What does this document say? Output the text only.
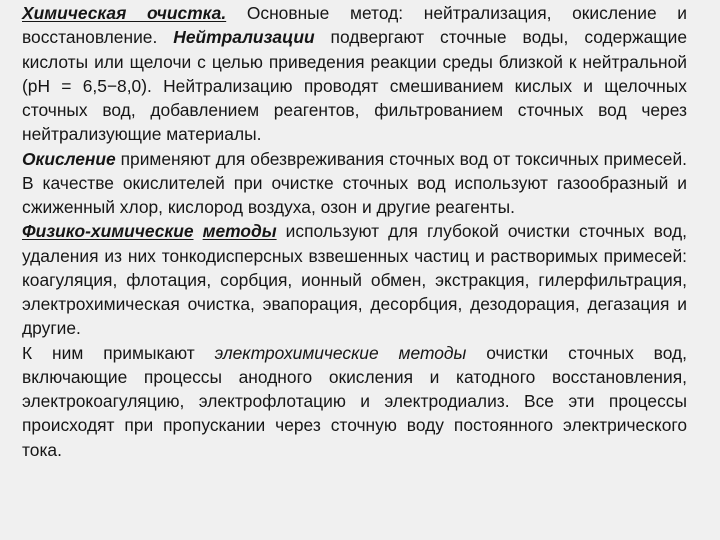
Химическая очистка. Основные метод: нейтрализация, окисление и восстановление. Нейтрализации подвергают сточные воды, содержащие кислоты или щелочи с целью приведения реакции среды близкой к нейтральной (pH = 6,5−8,0). Нейтрализацию проводят смешиванием кислых и щелочных сточных вод, добавлением реагентов, фильтрованием сточных вод через нейтрализующие материалы.

Окисление применяют для обезвреживания сточных вод от токсичных примесей. В качестве окислителей при очистке сточных вод используют газообразный и сжиженный хлор, кислород воздуха, озон и другие реагенты.

Физико-химические методы используют для глубокой очистки сточных вод, удаления из них тонкодисперсных взвешенных частиц и растворимых примесей: коагуляция, флотация, сорбция, ионный обмен, экстракция, гилерфильтрация, электрохимическая очистка, эвапорация, десорбция, дезодорация, дегазация и другие.

К ним примыкают электрохимические методы очистки сточных вод, включающие процессы анодного окисления и катодного восстановления, электрокоагуляцию, электрофлотацию и электродиализ. Все эти процессы происходят при пропускании через сточную воду постоянного электрического тока.
